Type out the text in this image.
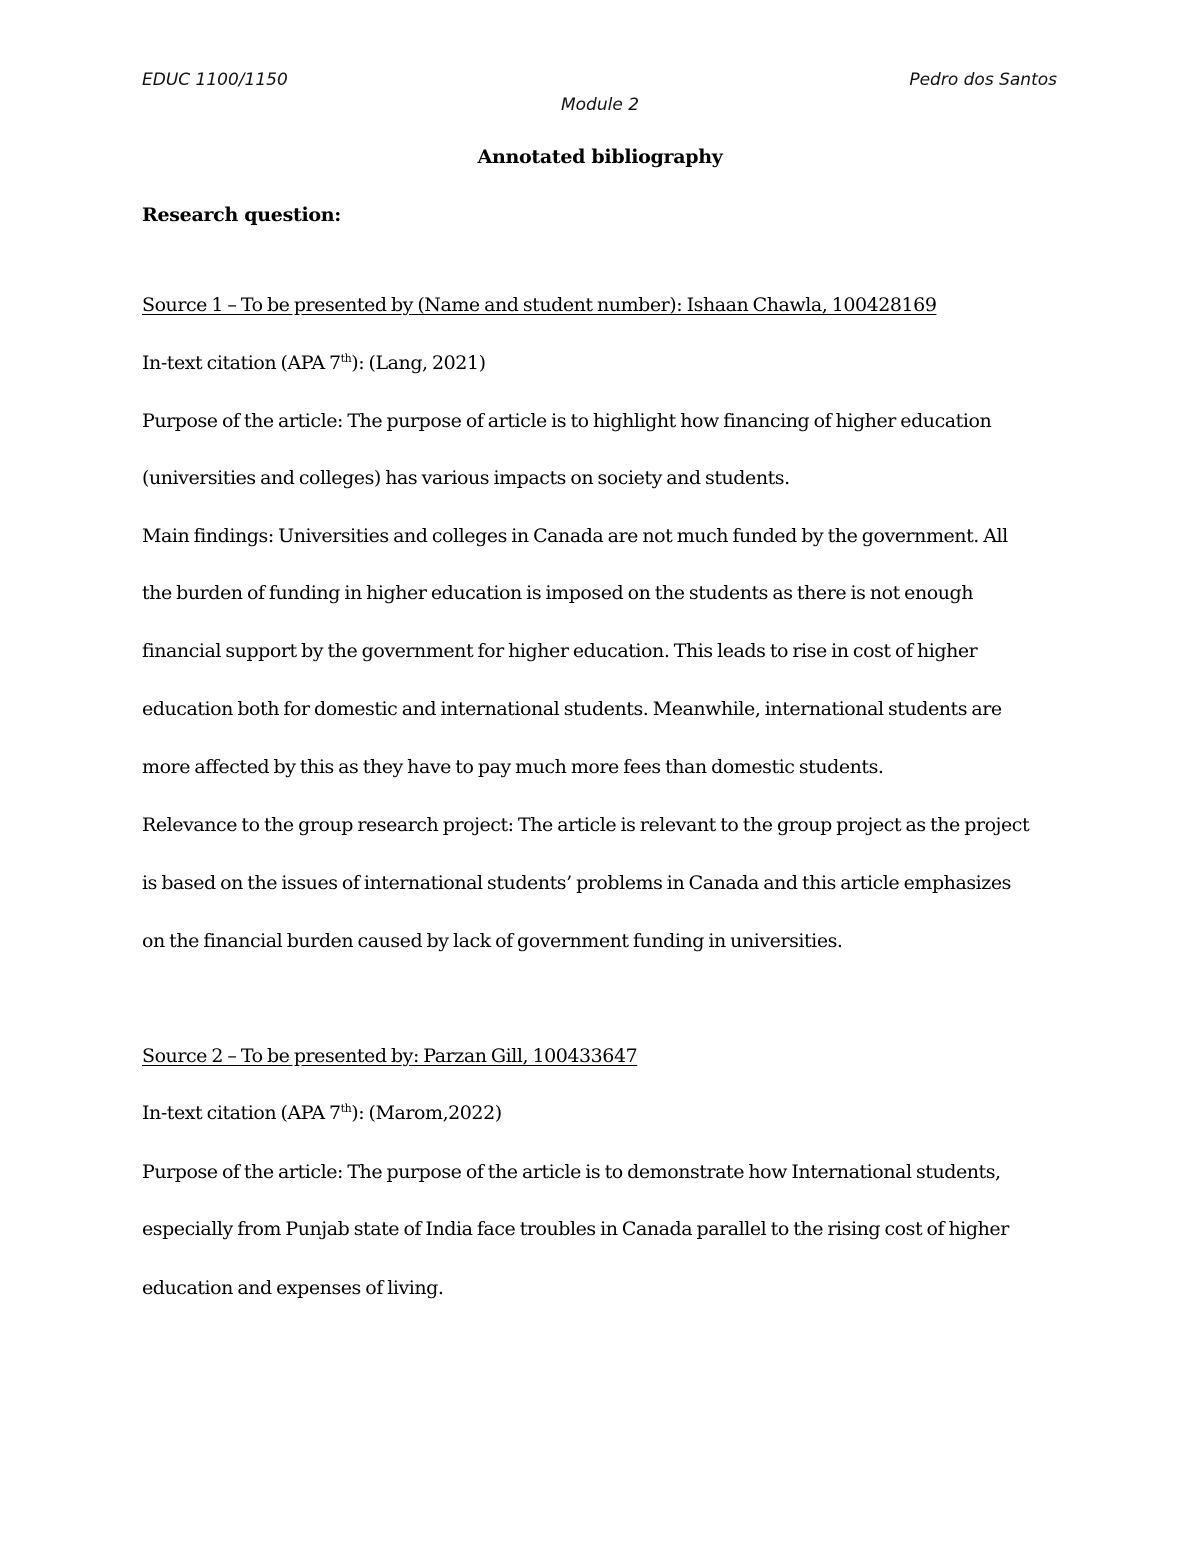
EDUC 1100/1150	Pedro dos Santos
Module 2
Annotated bibliography
Research question:
Source 1 – To be presented by (Name and student number): Ishaan Chawla, 100428169
In-text citation (APA 7th): (Lang, 2021)
Purpose of the article: The purpose of article is to highlight how financing of higher education
(universities and colleges) has various impacts on society and students.
Main findings: Universities and colleges in Canada are not much funded by the government. All
the burden of funding in higher education is imposed on the students as there is not enough
financial support by the government for higher education. This leads to rise in cost of higher
education both for domestic and international students. Meanwhile, international students are
more affected by this as they have to pay much more fees than domestic students.
Relevance to the group research project: The article is relevant to the group project as the project
is based on the issues of international students’ problems in Canada and this article emphasizes
on the financial burden caused by lack of government funding in universities.
Source 2 – To be presented by: Parzan Gill, 100433647
In-text citation (APA 7th): (Marom,2022)
Purpose of the article: The purpose of the article is to demonstrate how International students,
especially from Punjab state of India face troubles in Canada parallel to the rising cost of higher
education and expenses of living.
